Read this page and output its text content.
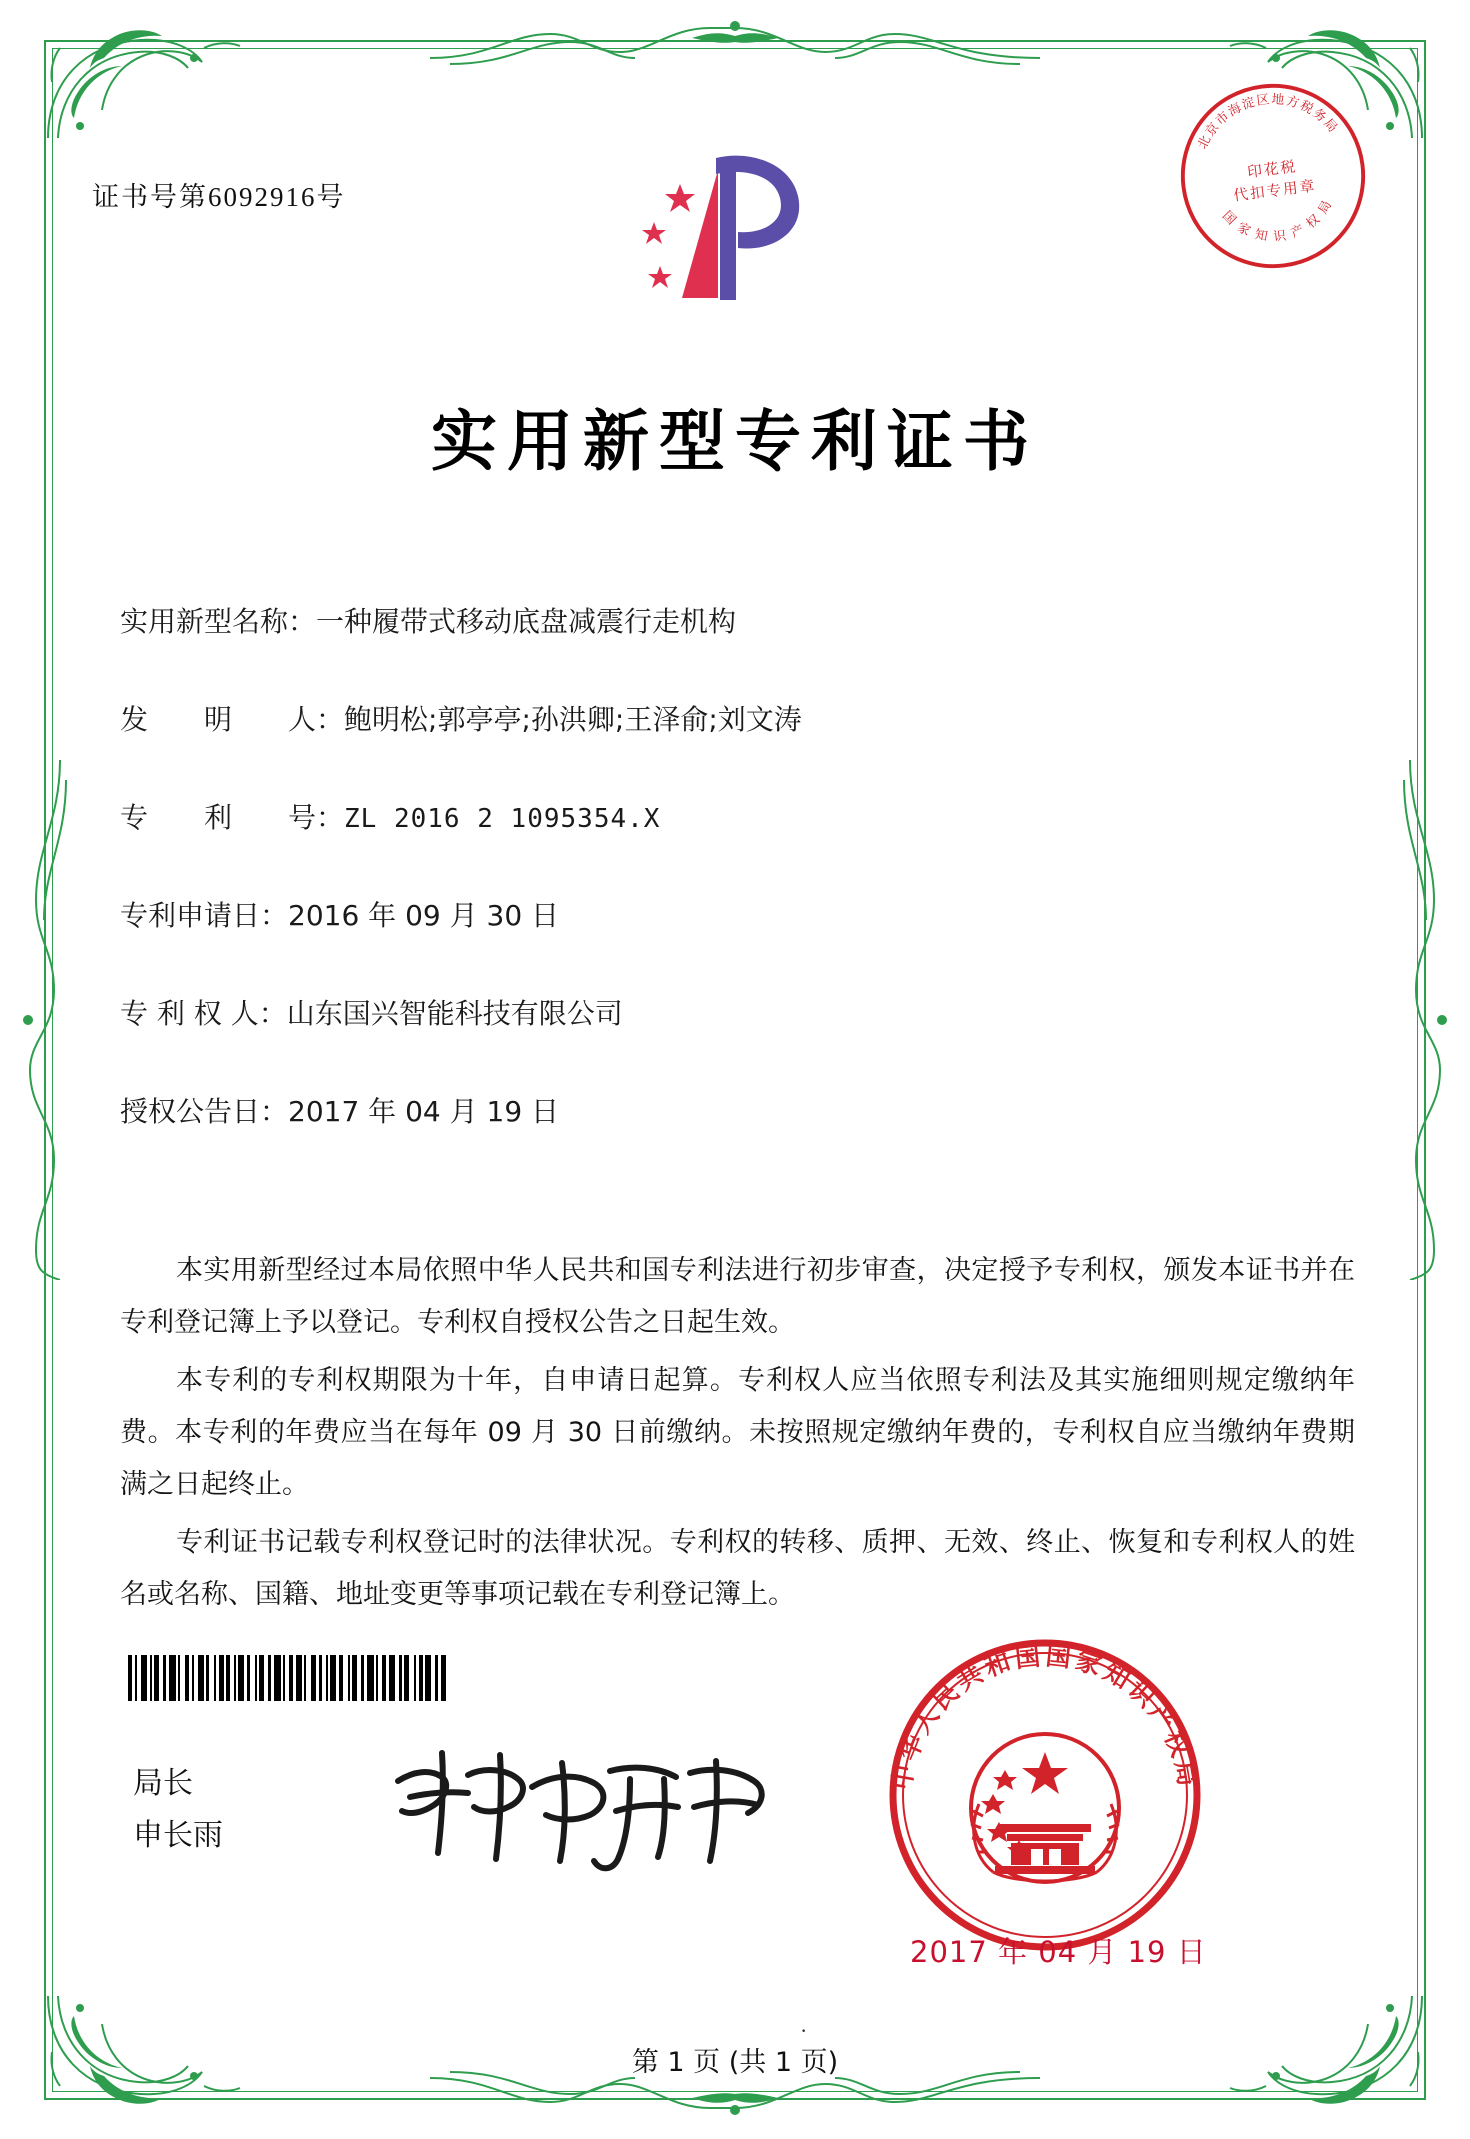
证书号第6092916号
北京市海淀区地方税务局
国 家 知 识 产 权 局
印花税
代扣专用章
实用新型专利证书
实用新型名称：一种履带式移动底盘减震行走机构
发　　明　　人：鲍明松;郭亭亭;孙洪卿;王泽俞;刘文涛
专　　利　　号：ZL 2016 2 1095354.X
专利申请日：2016 年 09 月 30 日
专 利 权 人：山东国兴智能科技有限公司
授权公告日：2017 年 04 月 19 日

本实用新型经过本局依照中华人民共和国专利法进行初步审查，决定授予专利权，颁发本证书并在专利登记簿上予以登记。专利权自授权公告之日起生效。

本专利的专利权期限为十年，自申请日起算。专利权人应当依照专利法及其实施细则规定缴纳年费。本专利的年费应当在每年 09 月 30 日前缴纳。未按照规定缴纳年费的，专利权自应当缴纳年费期满之日起终止。

专利证书记载专利权登记时的法律状况。专利权的转移、质押、无效、终止、恢复和专利权人的姓名或名称、国籍、地址变更等事项记载在专利登记簿上。

局长
申长雨
中华人民共和国国家知识产权局
2017 年 04 月 19 日
·
第 1 页 (共 1 页)
